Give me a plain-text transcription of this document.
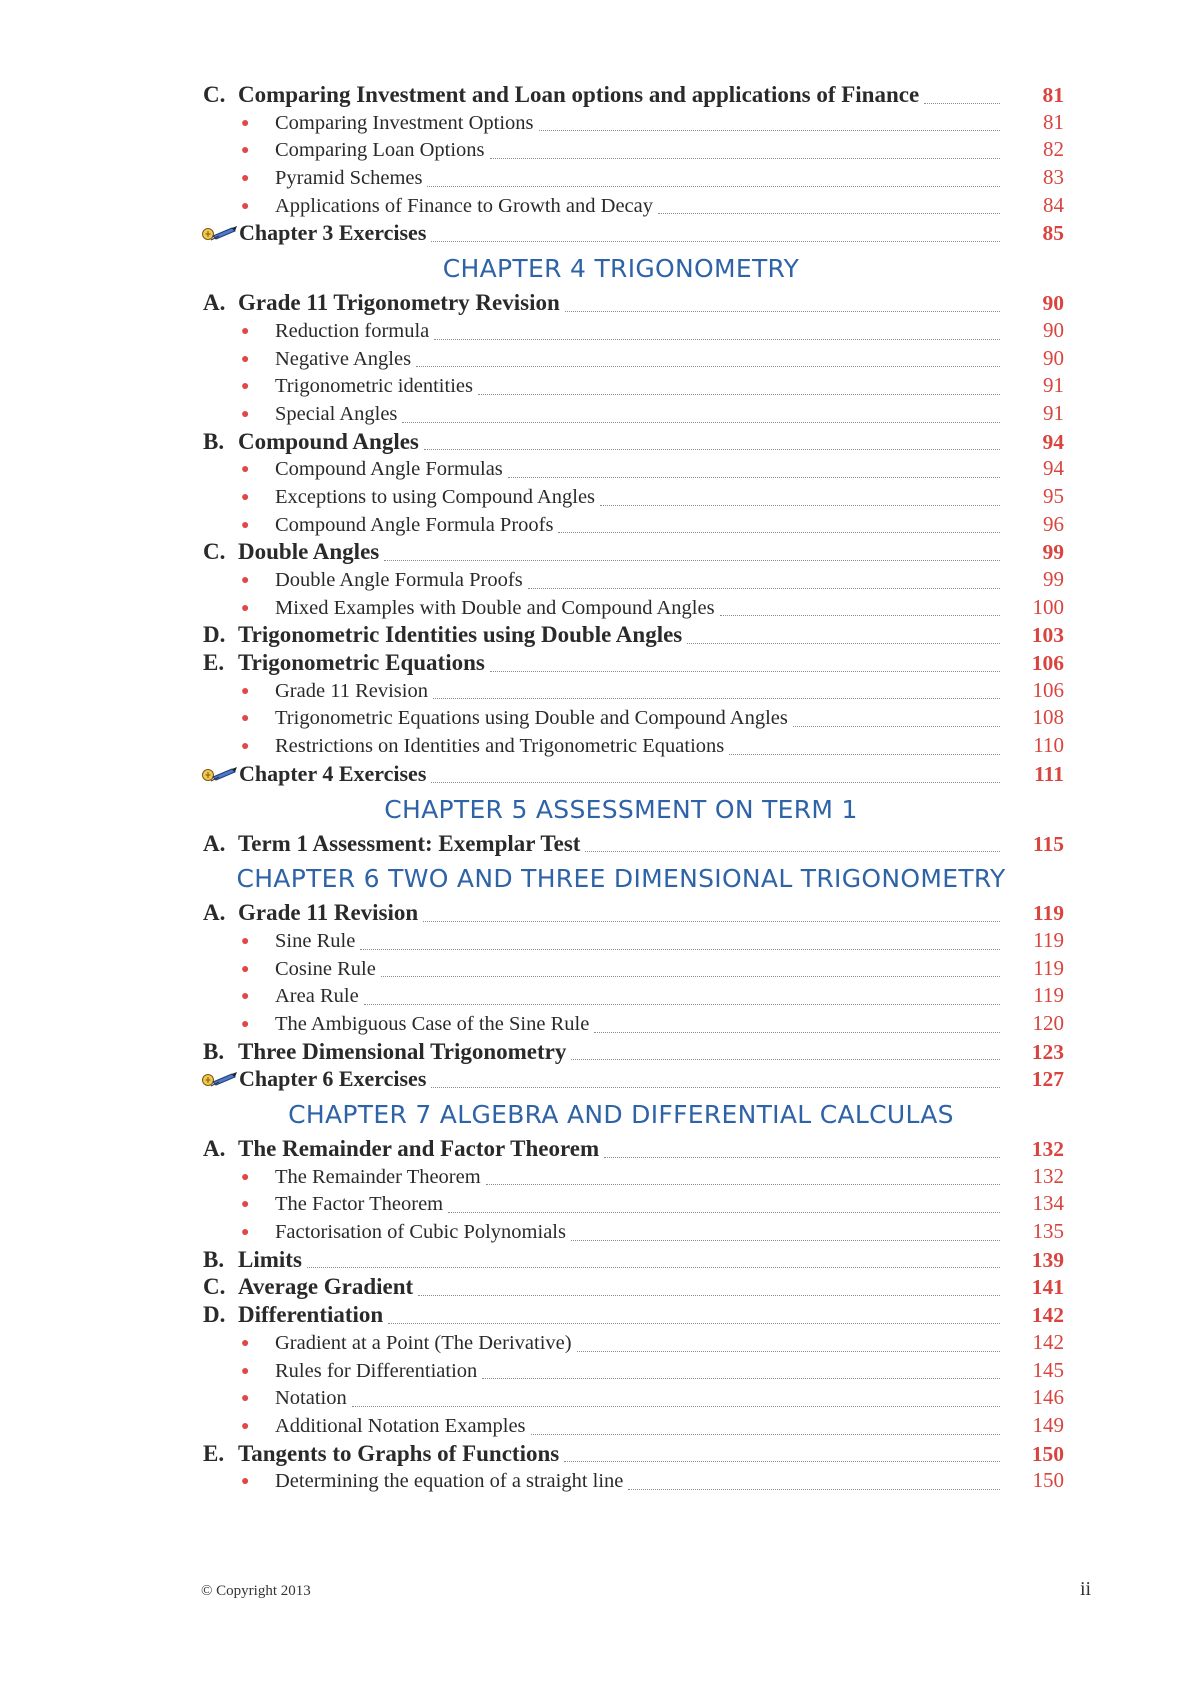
C. Comparing Investment and Loan options and applications of Finance	81
● Comparing Investment Options	81
● Comparing Loan Options	82
● Pyramid Schemes	83
● Applications of Finance to Growth and Decay	84
Chapter 3 Exercises	85
CHAPTER 4 TRIGONOMETRY
A. Grade 11 Trigonometry Revision	90
● Reduction formula	90
● Negative Angles	90
● Trigonometric identities	91
● Special Angles	91
B. Compound Angles	94
● Compound Angle Formulas	94
● Exceptions to using Compound Angles	95
● Compound Angle Formula Proofs	96
C. Double Angles	99
● Double Angle Formula Proofs	99
● Mixed Examples with Double and Compound Angles	100
D. Trigonometric Identities using Double Angles	103
E. Trigonometric Equations	106
● Grade 11 Revision	106
● Trigonometric Equations using Double and Compound Angles	108
● Restrictions on Identities and Trigonometric Equations	110
Chapter 4 Exercises	111
CHAPTER 5 ASSESSMENT ON TERM 1
A. Term 1 Assessment: Exemplar Test	115
CHAPTER 6 TWO AND THREE DIMENSIONAL TRIGONOMETRY
A. Grade 11 Revision	119
● Sine Rule	119
● Cosine Rule	119
● Area Rule	119
● The Ambiguous Case of the Sine Rule	120
B. Three Dimensional Trigonometry	123
Chapter 6 Exercises	127
CHAPTER 7 ALGEBRA AND DIFFERENTIAL CALCULAS
A. The Remainder and Factor Theorem	132
● The Remainder Theorem	132
● The Factor Theorem	134
● Factorisation of Cubic Polynomials	135
B. Limits	139
C. Average Gradient	141
D. Differentiation	142
● Gradient at a Point (The Derivative)	142
● Rules for Differentiation	145
● Notation	146
● Additional Notation Examples	149
E. Tangents to Graphs of Functions	150
● Determining the equation of a straight line	150
© Copyright 2013	ii
